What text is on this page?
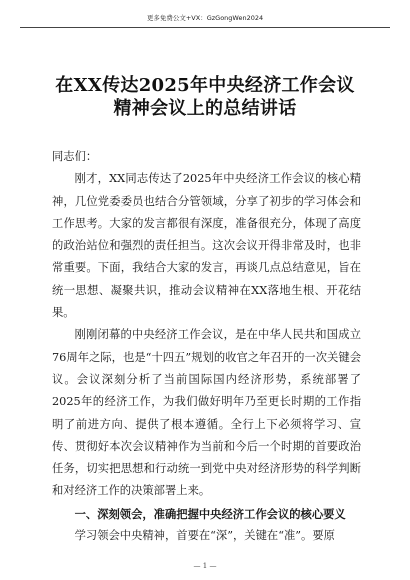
更多免费公文+VX：GzGongWen2024
在XX传达2025年中央经济工作会议精神会议上的总结讲话

同志们：

刚才，XX同志传达了2025年中央经济工作会议的核心精神，几位党委委员也结合分管领域，分享了初步的学习体会和工作思考。大家的发言都很有深度，准备很充分，体现了高度的政治站位和强烈的责任担当。这次会议开得非常及时，也非常重要。下面，我结合大家的发言，再谈几点总结意见，旨在统一思想、凝聚共识，推动会议精神在XX落地生根、开花结果。

刚刚闭幕的中央经济工作会议，是在中华人民共和国成立76周年之际，也是“十四五”规划的收官之年召开的一次关键会议。会议深刻分析了当前国际国内经济形势，系统部署了2025年的经济工作，为我们做好明年乃至更长时期的工作指明了前进方向、提供了根本遵循。全行上下必须将学习、宣传、贯彻好本次会议精神作为当前和今后一个时期的首要政治任务，切实把思想和行动统一到党中央对经济形势的科学判断和对经济工作的决策部署上来。

一、深刻领会，准确把握中央经济工作会议的核心要义

学习领会中央精神，首要在“深”，关键在“准”。要原

— 1 —
